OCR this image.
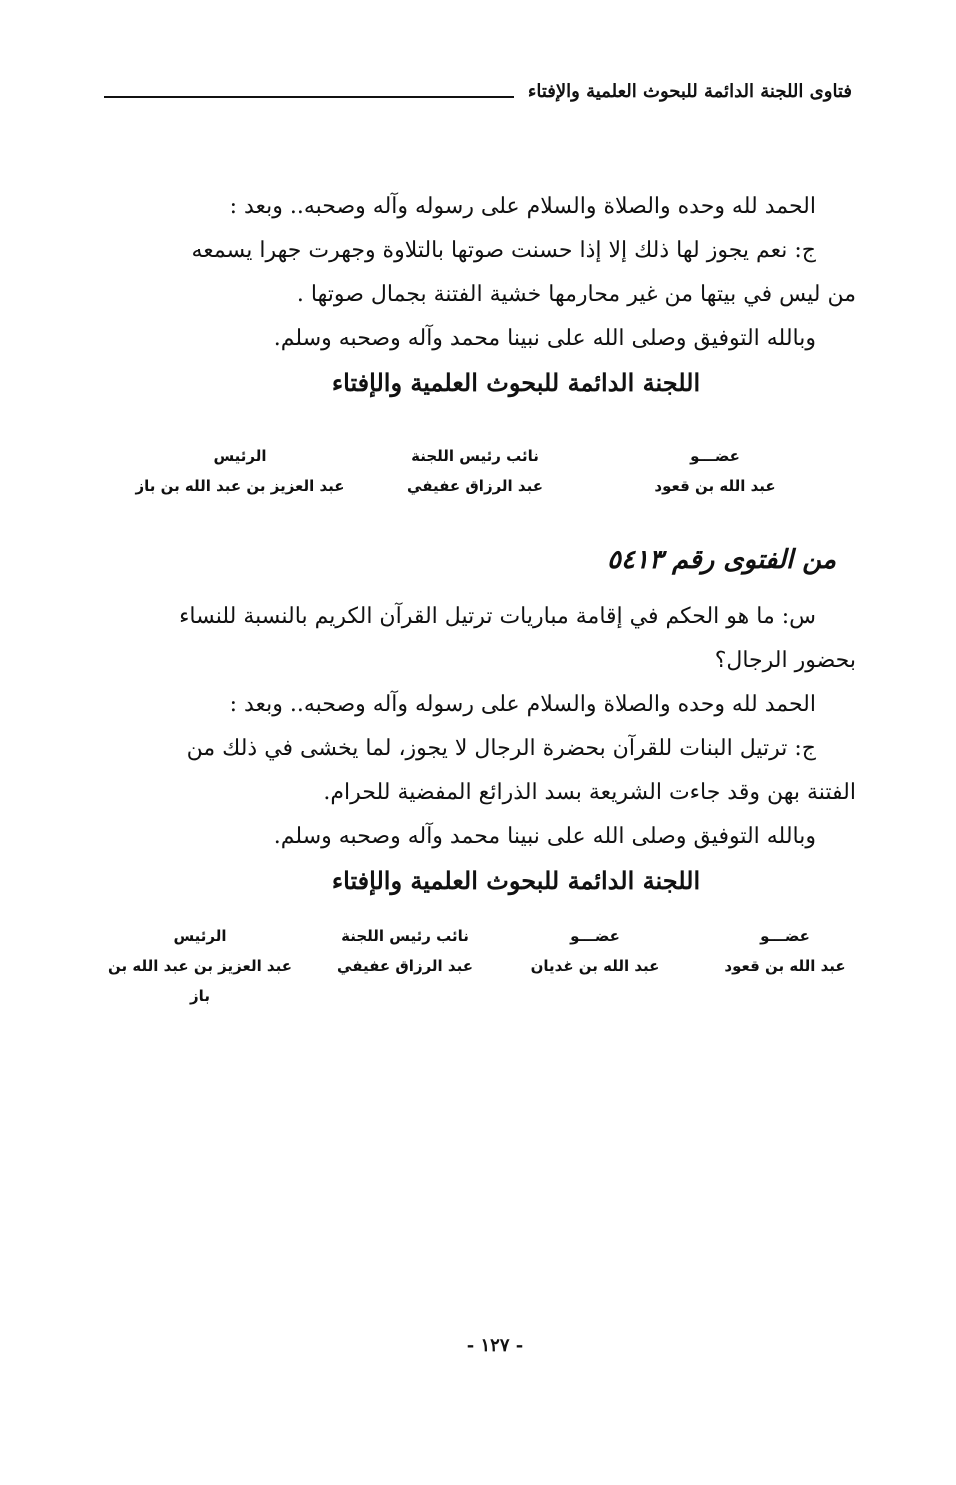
فتاوى اللجنة الدائمة للبحوث العلمية والإفتاء
الحمد لله وحده والصلاة والسلام على رسوله وآله وصحبه.. وبعد :
ج: نعم يجوز لها ذلك إلا إذا حسنت صوتها بالتلاوة وجهرت جهرا يسمعه
من ليس في بيتها من غير محارمها خشية الفتنة بجمال صوتها .
وبالله التوفيق وصلى الله على نبينا محمد وآله وصحبه وسلم.
اللجنة الدائمة للبحوث العلمية والإفتاء
عضـــو
عبد الله بن قعود
نائب رئيس اللجنة
عبد الرزاق عفيفي
الرئيس
عبد العزيز بن عبد الله بن باز
من الفتوى رقم ٥٤١٣
س: ما هو الحكم في إقامة مباريات ترتيل القرآن الكريم بالنسبة للنساء
بحضور الرجال؟
الحمد لله وحده والصلاة والسلام على رسوله وآله وصحبه.. وبعد :
ج: ترتيل البنات للقرآن بحضرة الرجال لا يجوز، لما يخشى في ذلك من
الفتنة بهن وقد جاءت الشريعة بسد الذرائع المفضية للحرام.
وبالله التوفيق وصلى الله على نبينا محمد وآله وصحبه وسلم.
اللجنة الدائمة للبحوث العلمية والإفتاء
عضـــو
عبد الله بن قعود
عضـــو
عبد الله بن غديان
نائب رئيس اللجنة
عبد الرزاق عفيفي
الرئيس
عبد العزيز بن عبد الله بن باز
- ١٢٧ -
